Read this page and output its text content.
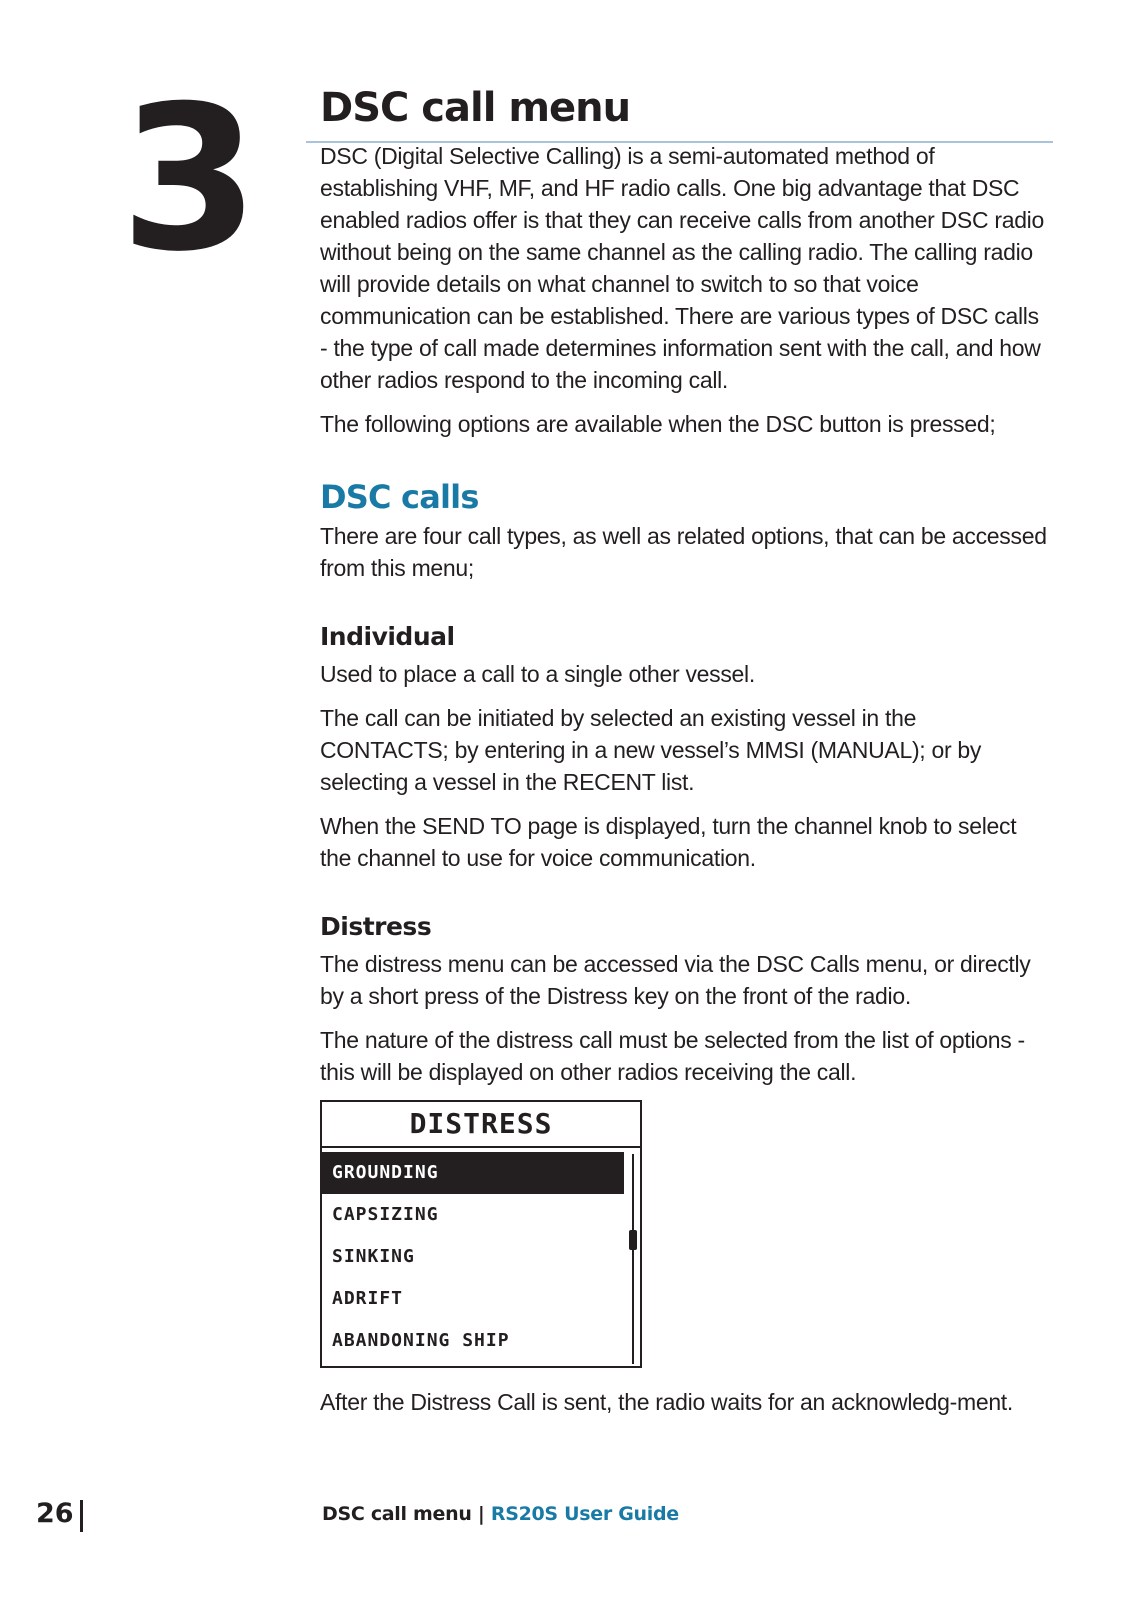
3 DSC call menu

DSC (Digital Selective Calling) is a semi-automated method of establishing VHF, MF, and HF radio calls. One big advantage that DSC enabled radios offer is that they can receive calls from another DSC radio without being on the same channel as the calling radio. The calling radio will provide details on what channel to switch to so that voice communication can be established. There are various types of DSC calls - the type of call made determines information sent with the call, and how other radios respond to the incoming call.

The following options are available when the DSC button is pressed;

DSC calls

There are four call types, as well as related options, that can be accessed from this menu;

Individual

Used to place a call to a single other vessel.

The call can be initiated by selected an existing vessel in the CONTACTS; by entering in a new vessel’s MMSI (MANUAL); or by selecting a vessel in the RECENT list.

When the SEND TO page is displayed, turn the channel knob to select the channel to use for voice communication.

Distress

The distress menu can be accessed via the DSC Calls menu, or directly by a short press of the Distress key on the front of the radio.

The nature of the distress call must be selected from the list of options - this will be displayed on other radios receiving the call.

DISTRESS
GROUNDING
CAPSIZING
SINKING
ADRIFT
ABANDONING SHIP

After the Distress Call is sent, the radio waits for an acknowledg-ment.

26	DSC call menu | RS20S User Guide
